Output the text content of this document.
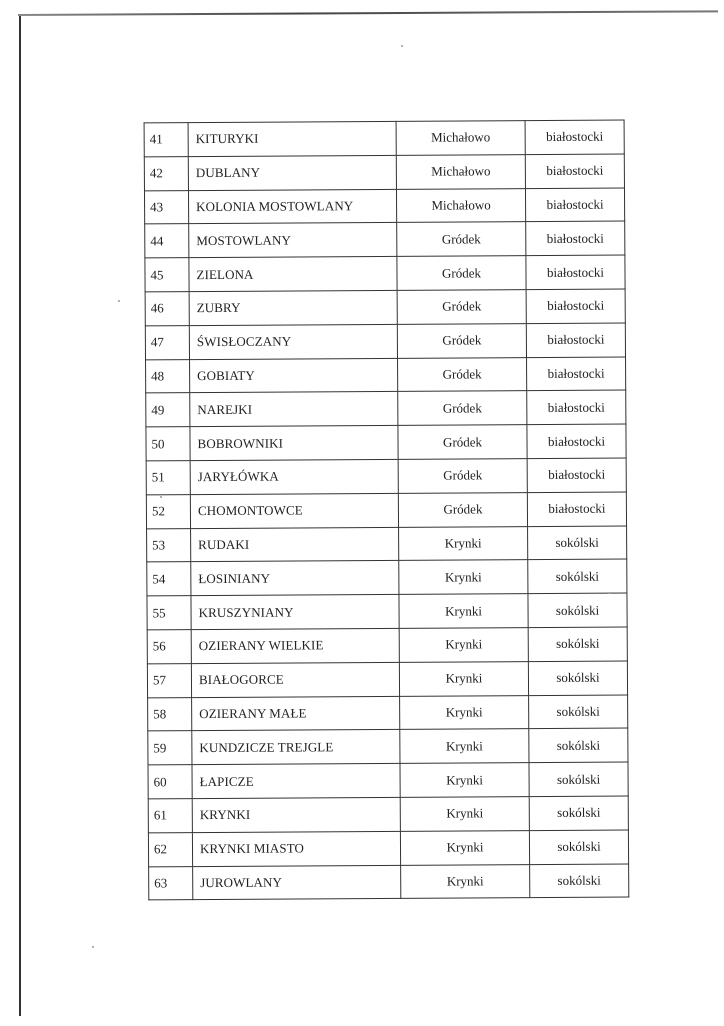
41	KITURYKI	Michałowo	białostocki
42	DUBLANY	Michałowo	białostocki
43	KOLONIA MOSTOWLANY	Michałowo	białostocki
44	MOSTOWLANY	Gródek	białostocki
45	ZIELONA	Gródek	białostocki
46	ZUBRY	Gródek	białostocki
47	ŚWISŁOCZANY	Gródek	białostocki
48	GOBIATY	Gródek	białostocki
49	NAREJKI	Gródek	białostocki
50	BOBROWNIKI	Gródek	białostocki
51	JARYŁÓWKA	Gródek	białostocki
52	CHOMONTOWCE	Gródek	białostocki
53	RUDAKI	Krynki	sokólski
54	ŁOSINIANY	Krynki	sokólski
55	KRUSZYNIANY	Krynki	sokólski
56	OZIERANY WIELKIE	Krynki	sokólski
57	BIAŁOGORCE	Krynki	sokólski
58	OZIERANY MAŁE	Krynki	sokólski
59	KUNDZICZE TREJGLE	Krynki	sokólski
60	ŁAPICZE	Krynki	sokólski
61	KRYNKI	Krynki	sokólski
62	KRYNKI MIASTO	Krynki	sokólski
63	JUROWLANY	Krynki	sokólski
